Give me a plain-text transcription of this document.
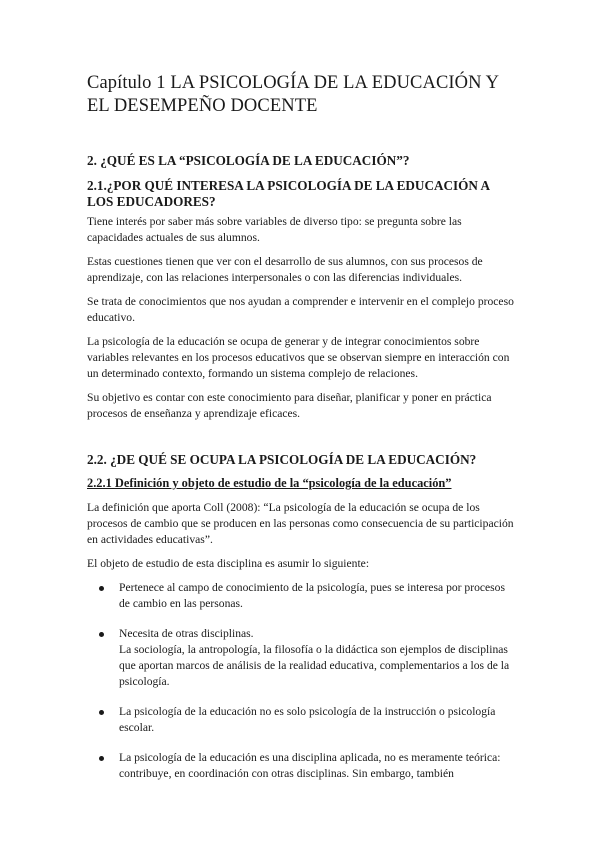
Capítulo 1 LA PSICOLOGÍA DE LA EDUCACIÓN Y EL DESEMPEÑO DOCENTE
2. ¿QUÉ ES LA “PSICOLOGÍA DE LA EDUCACIÓN”?
2.1.¿POR QUÉ INTERESA LA PSICOLOGÍA DE LA EDUCACIÓN A LOS EDUCADORES?

Tiene interés por saber más sobre variables de diverso tipo: se pregunta sobre las capacidades actuales de sus alumnos.

Estas cuestiones tienen que ver con el desarrollo de sus alumnos, con sus procesos de aprendizaje, con las relaciones interpersonales o con las diferencias individuales.

Se trata de conocimientos que nos ayudan a comprender e intervenir en el complejo proceso educativo.

La psicología de la educación se ocupa de generar y de integrar conocimientos sobre variables relevantes en los procesos educativos que se observan siempre en interacción con un determinado contexto, formando un sistema complejo de relaciones.

Su objetivo es contar con este conocimiento para diseñar, planificar y poner en práctica procesos de enseñanza y aprendizaje eficaces.

2.2. ¿DE QUÉ SE OCUPA LA PSICOLOGÍA DE LA EDUCACIÓN?
2.2.1 Definición y objeto de estudio de la “psicología de la educación”

La definición que aporta Coll (2008): “La psicología de la educación se ocupa de los procesos de cambio que se producen en las personas como consecuencia de su participación en actividades educativas”.

El objeto de estudio de esta disciplina es asumir lo siguiente:

Pertenece al campo de conocimiento de la psicología, pues se interesa por procesos de cambio en las personas.
Necesita de otras disciplinas.
La sociología, la antropología, la filosofía o la didáctica son ejemplos de disciplinas que aportan marcos de análisis de la realidad educativa, complementarios a los de la psicología.
La psicología de la educación no es solo psicología de la instrucción o psicología escolar.
La psicología de la educación es una disciplina aplicada, no es meramente teórica: contribuye, en coordinación con otras disciplinas. Sin embargo, también
